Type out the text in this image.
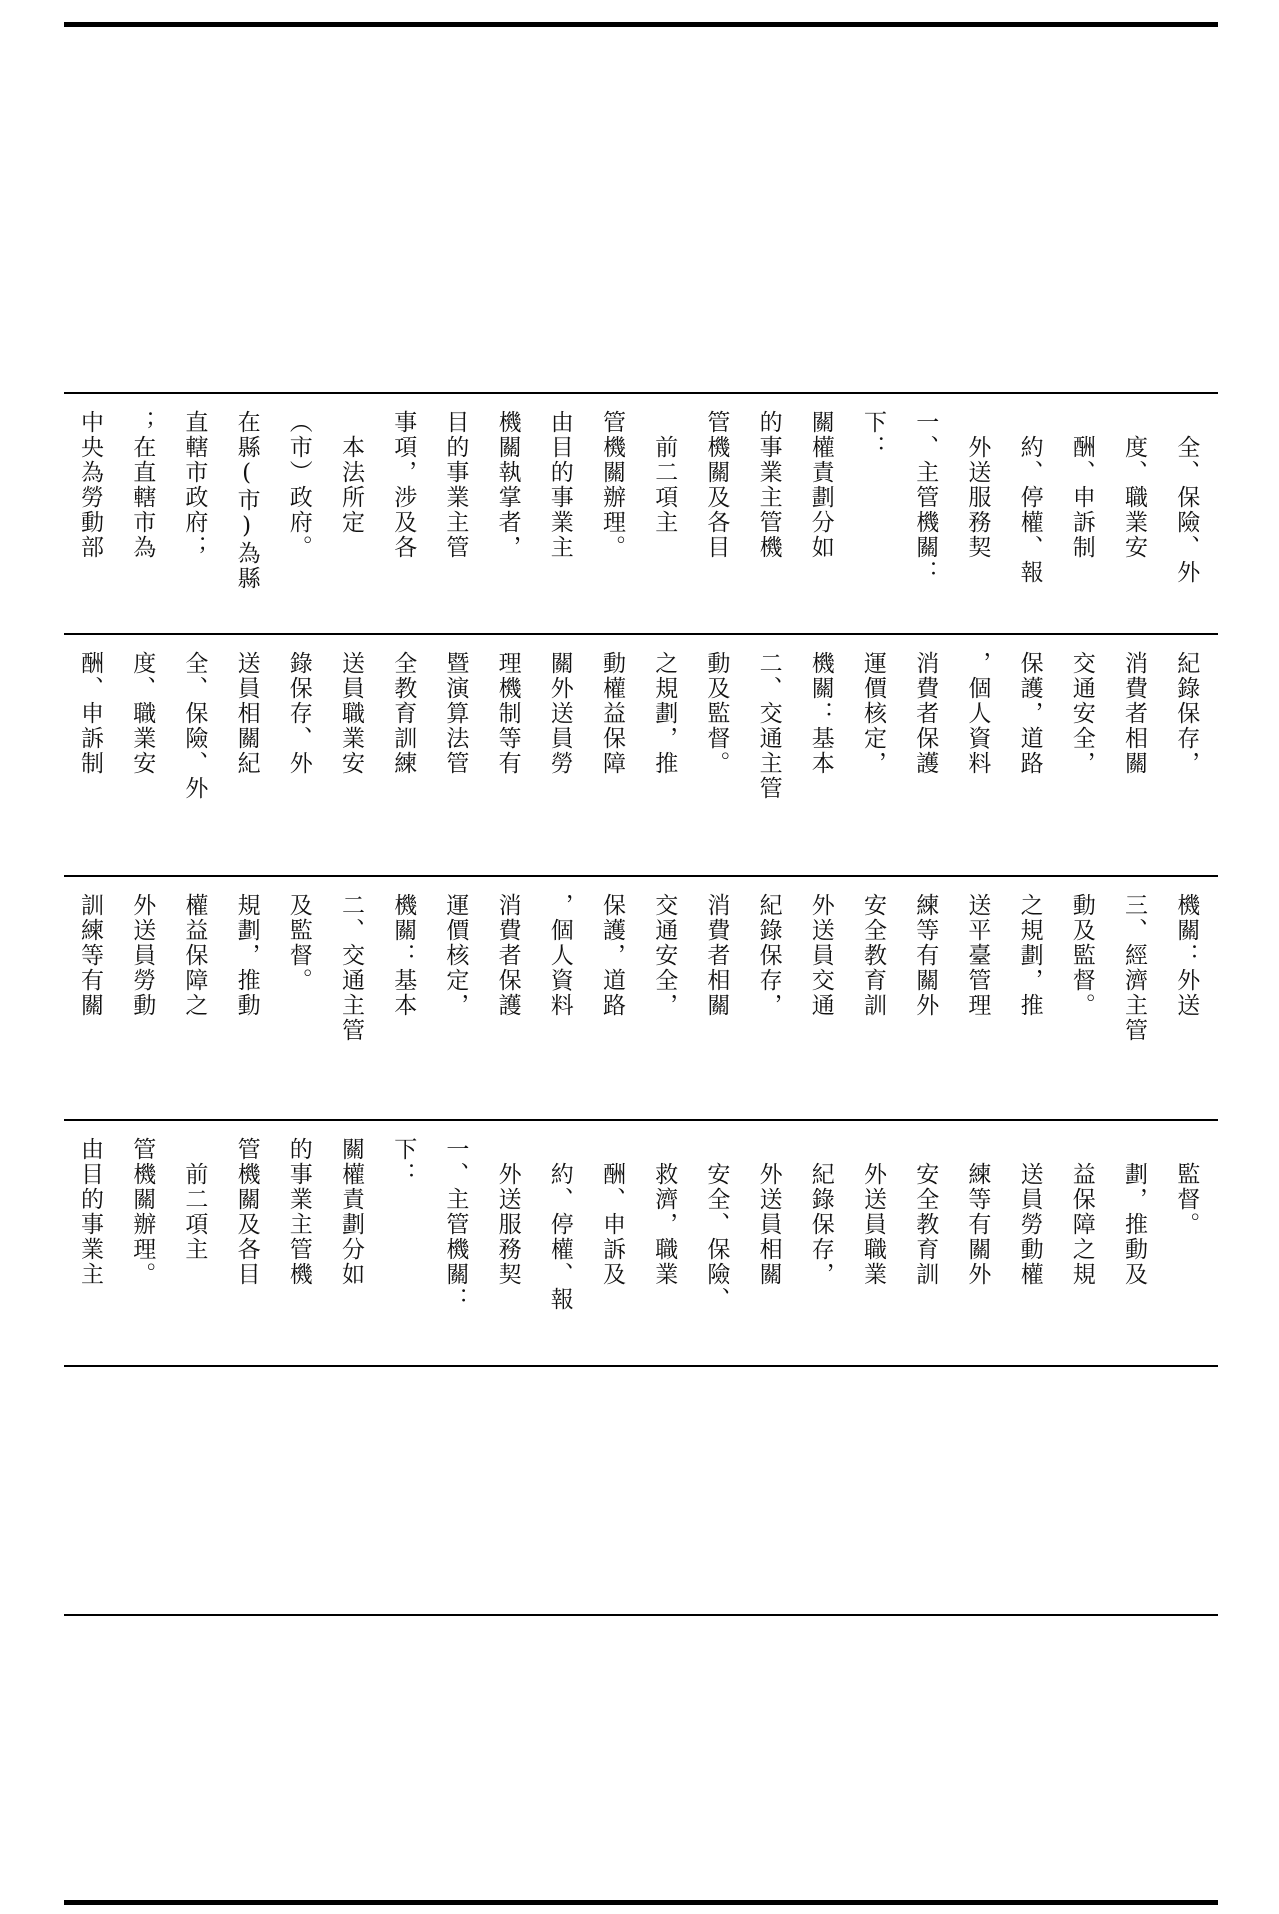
中央為勞動部 ；在直轄市為 直轄市政府； 在縣(市)為縣 （市）政府。 　本法所定 事項，涉及各 目的事業主管 機關執掌者， 由目的事業主 管機關辦理。 　前二項主 管機關及各目 的事業主管機 關權責劃分如 下： 一、主管機關： 　外送服務契 　約、停權、報 　酬、申訴制 　度、職業安 　全、保險、外
酬、申訴制 度、職業安 全、保險、外 送員相關紀 錄保存、外 送員職業安 全教育訓練 暨演算法管 理機制等有 關外送員勞 動權益保障 之規劃，推 動及監督。 二、交通主管 機關：基本 運價核定， 消費者保護 ，個人資料 保護，道路 交通安全， 消費者相關 紀錄保存，
訓練等有關 外送員勞動 權益保障之 規劃，推動 及監督。 二、交通主管 機關：基本 運價核定， 消費者保護 ，個人資料 保護，道路 交通安全， 消費者相關 紀錄保存， 外送員交通 安全教育訓 練等有關外 送平臺管理 之規劃，推 動及監督。 三、經濟主管 機關：外送
由目的事業主 管機關辦理。 　前二項主 管機關及各目 的事業主管機 關權責劃分如 下： 一、主管機關： 　外送服務契 　約、停權、報 　酬、申訴及 　救濟，職業 　安全、保險、 　外送員相關 　紀錄保存， 　外送員職業 　安全教育訓 　練等有關外 　送員勞動權 　益保障之規 　劃，推動及 　監督。
